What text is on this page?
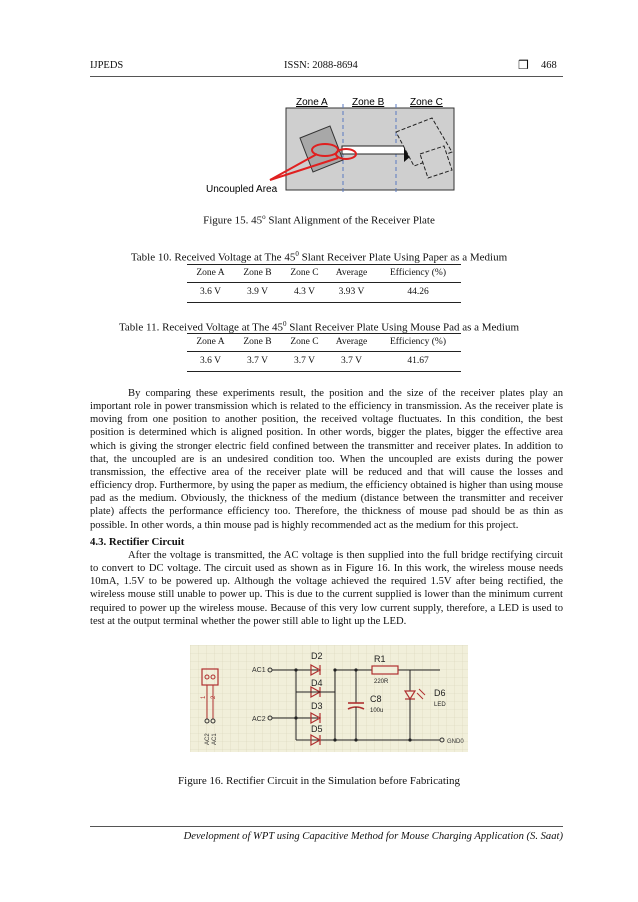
IJPEDS	ISSN: 2088-8694	❒ 468
Zone A Zone B	Zone C
Uncoupled Area
Figure 15. 45$^o$ Slant Alignment of the Receiver Plate
Table 10. Received Voltage at The $45^0$ Slant Receiver Plate Using Paper as a Medium
Zone A	Zone B	Zone C	Average	Efficiency (%)
3.6 V	3.9 V	4.3 V	3.93 V	44.26
Table 11. Received Voltage at The $45^0$ Slant Receiver Plate Using Mouse Pad as a Medium
Zone A	Zone B	Zone C	Average	Efficiency (%)
3.6 V	3.7 V	3.7 V	3.7 V	41.67
By comparing these experiments result, the position and the size of the receiver plates play an important role in power transmission which is related to the efficiency in transmission. As the receiver plate is moving from one position to another position, the received voltage fluctuates. In this condition, the best position is determined which is aligned position. In other words, bigger the plates, bigger the effective area which is giving the stronger electric field confined between the transmitter and receiver plates. In addition to that, the uncoupled are is an undesired condition too. When the uncoupled are exists during the power transmission, the effective area of the receiver plate will be reduced and that will cause the losses and efficiency drop. Furthermore, by using the paper as medium, the efficiency obtained is higher than using mouse pad as the medium. Obviously, the thickness of the medium (distance between the transmitter and receiver plate) affects the performance efficiency too. Therefore, the thickness of mouse pad should be as thin as possible. In other words, a thin mouse pad is highly recommended act as the medium for this project.
4.3. Rectifier Circuit
After the voltage is transmitted, the AC voltage is then supplied into the full bridge rectifying circuit to convert to DC voltage. The circuit used as shown as in Figure 16. In this work, the wireless mouse needs 10mA, 1.5V to be powered up. Although the voltage achieved the required 1.5V after being rectified, the wireless mouse still unable to power up. This is due to the current supplied is lower than the minimum current required to power up the wireless mouse. Because of this very low current supply, therefore, a LED is used to test at the output terminal whether the power still able to light up the LED.
1 2
AC2 AC1
AC1
AC2
D2
D4
D3
D5
R1
220R
C8
100u
D6
LED
GND0
Figure 16. Rectifier Circuit in the Simulation before Fabricating
Development of WPT using Capacitive Method for Mouse Charging Application (S. Saat)
